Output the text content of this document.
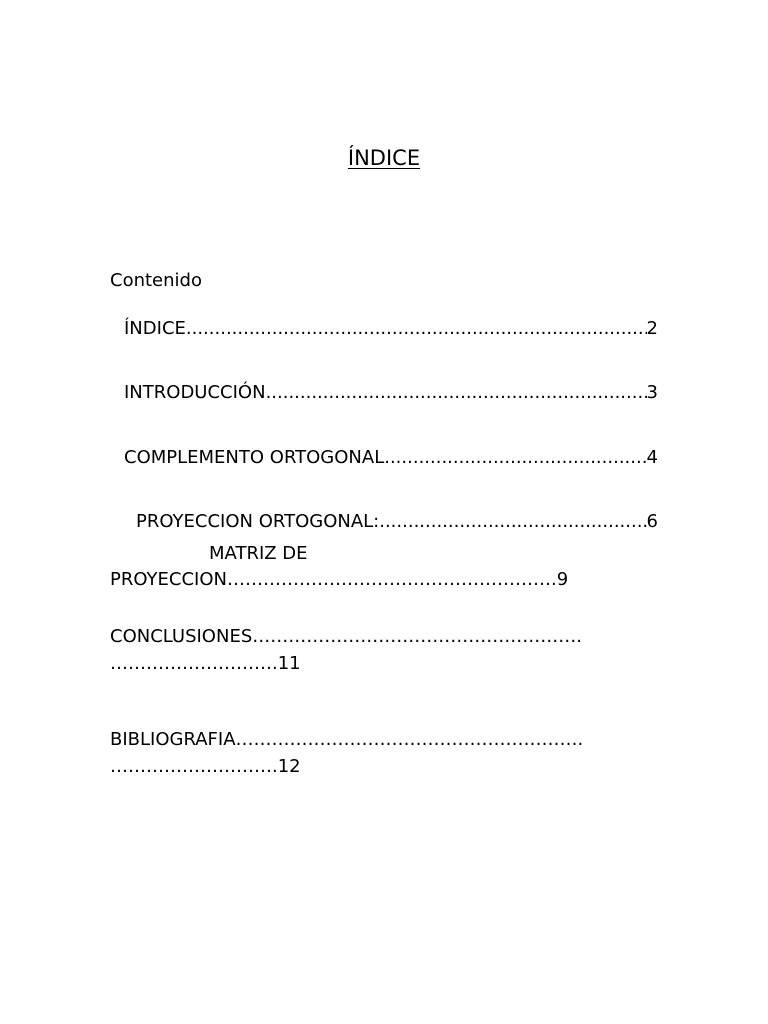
ÍNDICE
Contenido
ÍNDICE .....	2
INTRODUCCIÓN .....	3
COMPLEMENTO ORTOGONAL .....	4
PROYECCION ORTOGONAL: .....	6
MATRIZ DE
PROYECCION……………………………………………….9
CONCLUSIONES……………………………………………….
……………………….11
BIBLIOGRAFIA………………………………………………….
……………………….12
